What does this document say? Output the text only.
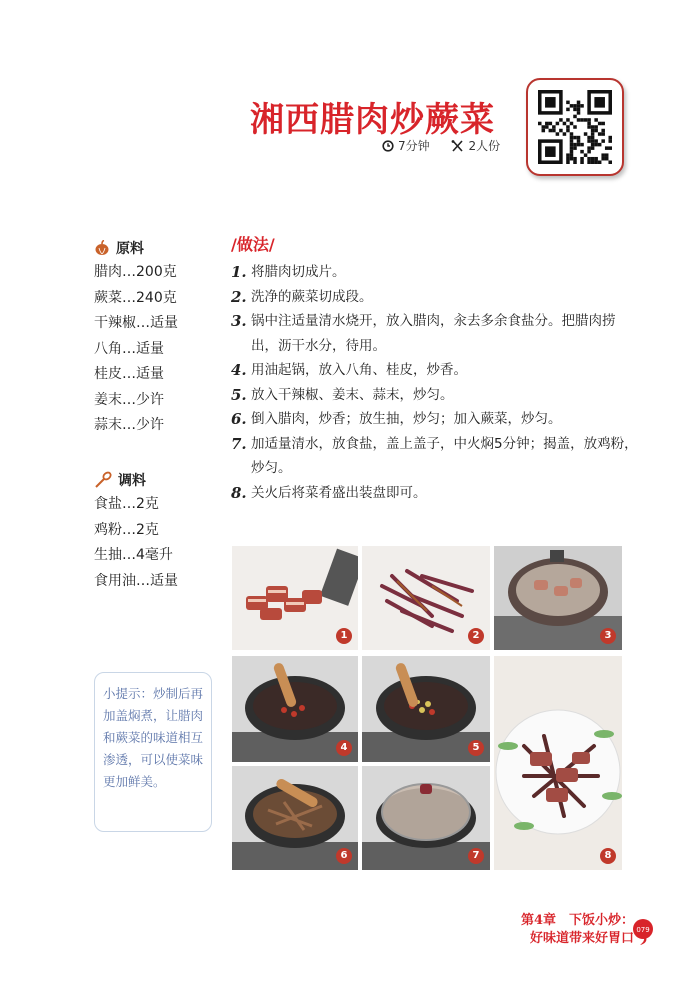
湘西腊肉炒蕨菜
7分钟
	2人份
原料
腊肉…200克
蕨菜…240克
干辣椒…适量
八角…适量
桂皮…适量
姜末…少许
蒜末…少许
调料
食盐…2克
鸡粉…2克
生抽…4毫升
食用油…适量
/做法/
1. 将腊肉切成片。
2. 洗净的蕨菜切成段。
3. 锅中注适量清水烧开，放入腊肉，汆去多余食盐分。把腊肉捞出，沥干水分，待用。
4. 用油起锅，放入八角、桂皮，炒香。
5. 放入干辣椒、姜末、蒜末，炒匀。
6. 倒入腊肉，炒香；放生抽，炒匀；加入蕨菜，炒匀。
7. 加适量清水，放食盐，盖上盖子，中火焖5分钟；揭盖，放鸡粉，炒匀。
8. 关火后将菜肴盛出装盘即可。
小提示：炒制后再加盖焖煮，让腊肉和蕨菜的味道相互渗透，可以使菜味更加鲜美。
1	2	3
4	5
8
6	7
第4章　下饭小炒：
好味道带来好胃口
079
